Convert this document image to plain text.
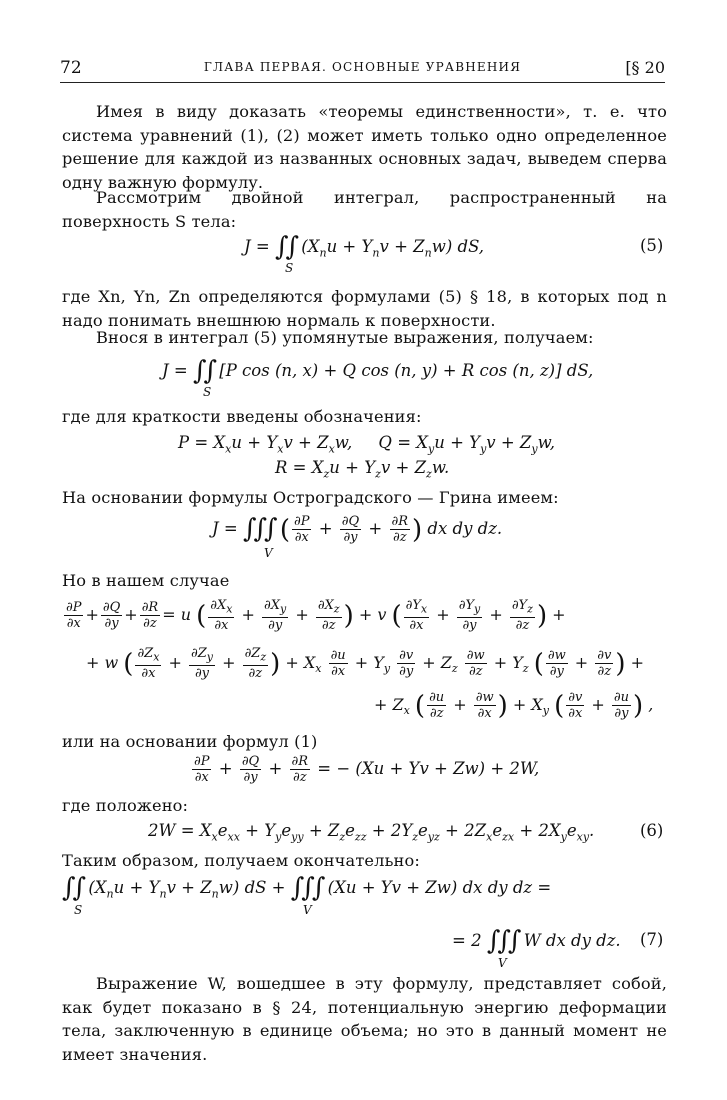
72	ГЛАВА ПЕРВАЯ. ОСНОВНЫЕ УРАВНЕНИЯ	[§ 20
Имея в виду доказать «теоремы единственности», т. е. что система уравнений (1), (2) может иметь только одно определенное решение для каждой из названных основных задач, выведем сперва одну важную формулу.
Рассмотрим двойной интеграл, распространенный на поверхность S тела:
J = ∫∫ $(X_nu + Y_nv + Z_nw)$ dS,
S
(5)
где Xn, Yn, Zn определяются формулами (5) § 18, в которых под n надо понимать внешнюю нормаль к поверхности.
Внося в интеграл (5) упомянутые выражения, получаем:
J = ∫∫ [P cos (n, x) + Q cos (n, y) + R cos (n, z)] dS,
S
где для краткости введены обозначения:
$P = X_xu + Y_xv + Z_xw$,     $Q = X_yu + Y_yv + Z_yw$,
$R = X_zu + Y_zv + Z_zw$.
На основании формулы Остроградского — Грина имеем:
J = ∫∫∫ ( $\frac{\partial P}{\partial x} + \frac{\partial Q}{\partial y} + \frac{\partial R}{\partial z}$ ) dx dy dz.
V
Но в нашем случае
$\frac{\partial P}{\partial x} + \frac{\partial Q}{\partial y} + \frac{\partial R}{\partial z} = u$ ( $\frac{\partial X_x}{\partial x} + \frac{\partial X_y}{\partial y} + \frac{\partial X_z}{\partial z}$ ) + v ( $\frac{\partial Y_x}{\partial x} + \frac{\partial Y_y}{\partial y} + \frac{\partial Y_z}{\partial z}$ ) +
+ w ( $\frac{\partial Z_x}{\partial x} + \frac{\partial Z_y}{\partial y} + \frac{\partial Z_z}{\partial z}$ ) + $X_x \frac{\partial u}{\partial x} + Y_y \frac{\partial v}{\partial y} + Z_z \frac{\partial w}{\partial z} + Y_z$ ( $\frac{\partial w}{\partial y} + \frac{\partial v}{\partial z}$ ) +
+ $Z_x$ ( $\frac{\partial u}{\partial z} + \frac{\partial w}{\partial x}$ ) + $X_y$ ( $\frac{\partial v}{\partial x} + \frac{\partial u}{\partial y}$ ) ,
или на основании формул (1)
$\frac{\partial P}{\partial x} + \frac{\partial Q}{\partial y} + \frac{\partial R}{\partial z}$ = − (Xu + Yv + Zw) + 2W,
где положено:
$2W = X_xe_{xx} + Y_ye_{yy} + Z_ze_{zz} + 2Y_ze_{yz} + 2Z_xe_{zx} + 2X_ye_{xy}$.	(6)
Таким образом, получаем окончательно:
∫∫ $(X_nu + Y_nv + Z_nw)$ dS + ∫∫∫ (Xu + Yv + Zw) dx dy dz =
S	V
= 2 ∫∫∫ W dx dy dz.
V
(7)
Выражение W, вошедшее в эту формулу, представляет собой, как будет показано в § 24, потенциальную энергию деформации тела, заключенную в единице объема; но это в данный момент не имеет значения.
